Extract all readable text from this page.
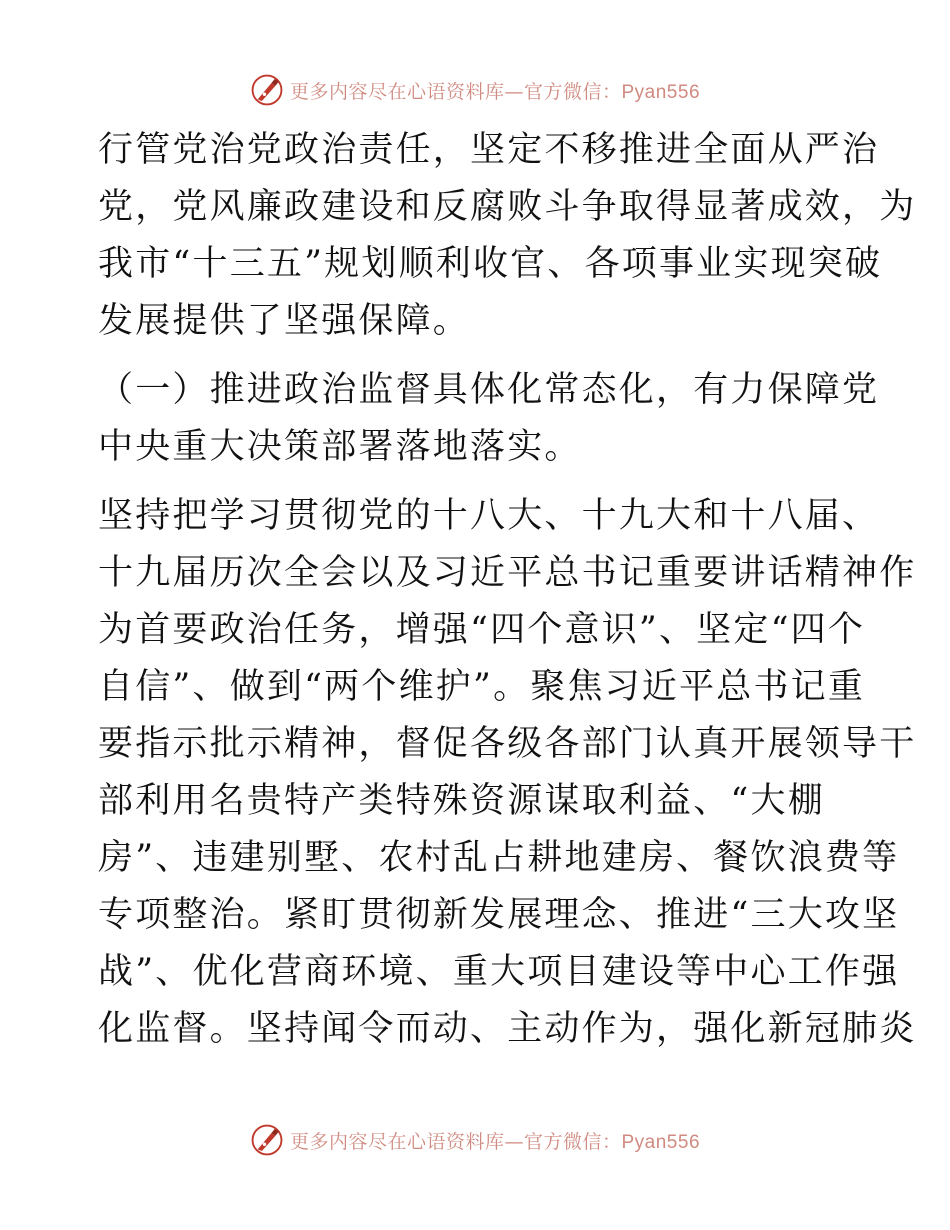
更多内容尽在心语资料库—官方微信：Pyan556

行管党治党政治责任，坚定不移推进全面从严治
党，党风廉政建设和反腐败斗争取得显著成效，为
我市“十三五”规划顺利收官、各项事业实现突破
发展提供了坚强保障。

（一）推进政治监督具体化常态化，有力保障党
中央重大决策部署落地落实。

坚持把学习贯彻党的十八大、十九大和十八届、
十九届历次全会以及习近平总书记重要讲话精神作
为首要政治任务，增强“四个意识”、坚定“四个
自信”、做到“两个维护”。聚焦习近平总书记重
要指示批示精神，督促各级各部门认真开展领导干
部利用名贵特产类特殊资源谋取利益、“大棚
房”、违建别墅、农村乱占耕地建房、餐饮浪费等
专项整治。紧盯贯彻新发展理念、推进“三大攻坚
战”、优化营商环境、重大项目建设等中心工作强
化监督。坚持闻令而动、主动作为，强化新冠肺炎

更多内容尽在心语资料库—官方微信：Pyan556
